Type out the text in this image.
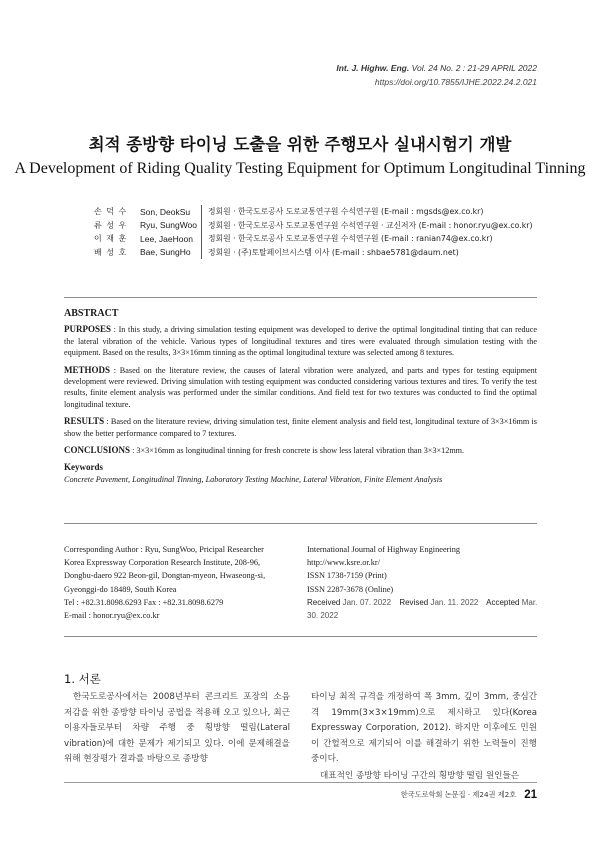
Int. J. Highw. Eng. Vol. 24 No. 2 : 21-29 APRIL 2022
https://doi.org/10.7855/IJHE.2022.24.2.021
최적 종방향 타이닝 도출을 위한 주행모사 실내시험기 개발
A Development of Riding Quality Testing Equipment for Optimum Longitudinal Tinning
손 덕 수	Son, DeokSu	정회원 · 한국도로공사 도로교통연구원 수석연구원 (E-mail : mgsds@ex.co.kr)
류 성 우	Ryu, SungWoo	정회원 · 한국도로공사 도로교통연구원 수석연구원 · 교신저자 (E-mail : honor.ryu@ex.co.kr)
이 재 훈	Lee, JaeHoon	정회원 · 한국도로공사 도로교통연구원 수석연구원 (E-mail : ranian74@ex.co.kr)
배 성 호	Bae, SungHo	정회원 · (주)토탈페이브시스템 이사 (E-mail : shbae5781@daum.net)
ABSTRACT
PURPOSES : In this study, a driving simulation testing equipment was developed to derive the optimal longitudinal tinting that can reduce the lateral vibration of the vehicle. Various types of longitudinal textures and tires were evaluated through simulation testing with the equipment. Based on the results, 3×3×16mm tinning as the optimal longitudinal texture was selected among 8 textures.
METHODS : Based on the literature review, the causes of lateral vibration were analyzed, and parts and types for testing equipment development were reviewed. Driving simulation with testing equipment was conducted considering various textures and tires. To verify the test results, finite element analysis was performed under the similar conditions. And field test for two textures was conducted to find the optimal longitudinal texture.
RESULTS : Based on the literature review, driving simulation test, finite element analysis and field test, longitudinal texture of 3×3×16mm is show the better performance compared to 7 textures.
CONCLUSIONS : 3×3×16mm as longitudinal tinning for fresh concrete is show less lateral vibration than 3×3×12mm.
Keywords
Concrete Pavement, Longitudinal Tinning, Laboratory Testing Machine, Lateral Vibration, Finite Element Analysis
Corresponding Author : Ryu, SungWoo, Pricipal Researcher
Korea Expressway Corporation Research Institute, 208-96,
Dongbu-daero 922 Beon-gil, Dongtan-myeon, Hwaseong-si,
Gyeonggi-do 18489, South Korea
Tel : +82.31.8098.6293 Fax : +82.31.8098.6279
E-mail : honor.ryu@ex.co.kr
International Journal of Highway Engineering
http://www.ksre.or.kr/
ISSN 1738-7159 (Print)
ISSN 2287-3678 (Online)
Received Jan. 07. 2022 Revised Jan. 11. 2022 Accepted Mar. 30. 2022
1. 서론
한국도로공사에서는 2008년부터 콘크리트 포장의 소음 저감을 위한 종방향 타이닝 공법을 적용해 오고 있으나, 최근 이용자들로부터 차량 주행 중 횡방향 떨림(Lateral vibration)에 대한 문제가 제기되고 있다. 이에 문제해결을 위해 현장평가 결과를 바탕으로 종방향
타이닝 최적 규격을 개정하여 폭 3mm, 깊이 3mm, 중심간격 19mm(3×3×19mm)으로 제시하고 있다(Korea Expressway Corporation, 2012). 하지만 이후에도 민원이 간헐적으로 제기되어 이를 해결하기 위한 노력들이 진행중이다.
대표적인 종방향 타이닝 구간의 횡방향 떨림 원인들은
한국도로학회 논문집 · 제24권 제2호 21
